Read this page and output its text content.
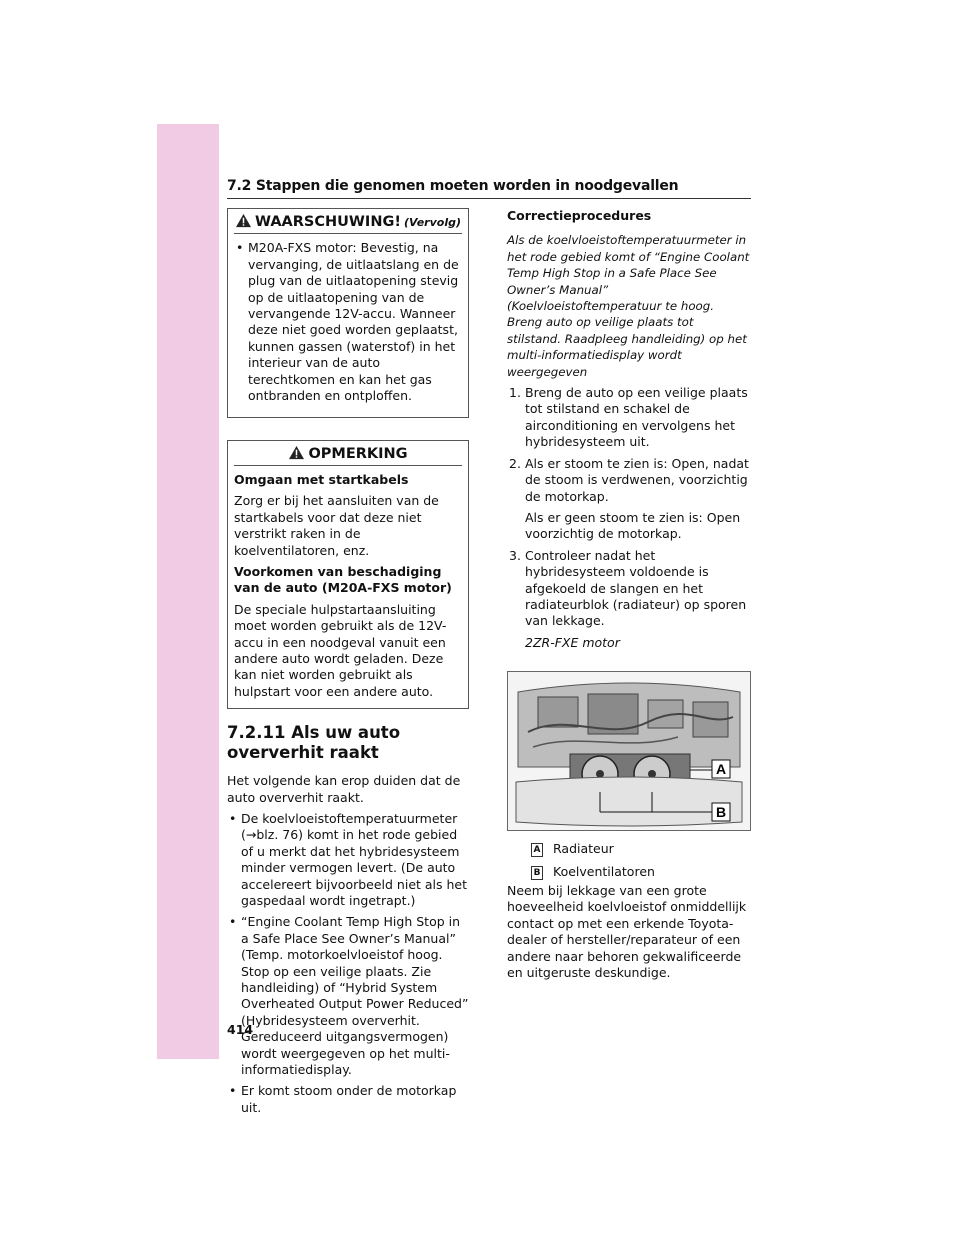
7.2 Stappen die genomen moeten worden in noodgevallen
WAARSCHUWING! (Vervolg)
• M20A-FXS motor: Bevestig, na vervanging, de uitlaatslang en de plug van de uitlaatopening stevig op de uitlaatopening van de vervangende 12V-accu. Wanneer deze niet goed worden geplaatst, kunnen gassen (waterstof) in het interieur van de auto terechtkomen en kan het gas ontbranden en ontploffen.
OPMERKING

Omgaan met startkabels

Zorg er bij het aansluiten van de startkabels voor dat deze niet verstrikt raken in de koelventilatoren, enz.

Voorkomen van beschadiging van de auto (M20A-FXS motor)

De speciale hulpstartaansluiting moet worden gebruikt als de 12V-accu in een noodgeval vanuit een andere auto wordt geladen. Deze kan niet worden gebruikt als hulpstart voor een andere auto.

7.2.11 Als uw auto oververhit raakt

Het volgende kan erop duiden dat de auto oververhit raakt.

• De koelvloeistoftemperatuurmeter (→blz. 76) komt in het rode gebied of u merkt dat het hybridesysteem minder vermogen levert. (De auto accelereert bijvoorbeeld niet als het gaspedaal wordt ingetrapt.)
• “Engine Coolant Temp High Stop in a Safe Place See Owner’s Manual” (Temp. motorkoelvloeistof hoog. Stop op een veilige plaats. Zie handleiding) of “Hybrid System Overheated Output Power Reduced” (Hybridesysteem oververhit. Gereduceerd uitgangsvermogen) wordt weergegeven op het multi-informatiedisplay.
• Er komt stoom onder de motorkap uit.

Correctieprocedures

Als de koelvloeistoftemperatuurmeter in het rode gebied komt of “Engine Coolant Temp High Stop in a Safe Place See Owner’s Manual” (Koelvloeistoftemperatuur te hoog. Breng auto op veilige plaats tot stilstand. Raadpleeg handleiding) op het multi-informatiedisplay wordt weergegeven

1. Breng de auto op een veilige plaats tot stilstand en schakel de airconditioning en vervolgens het hybridesysteem uit.
2. Als er stoom te zien is: Open, nadat de stoom is verdwenen, voorzichtig de motorkap.
Als er geen stoom te zien is: Open voorzichtig de motorkap.
3. Controleer nadat het hybridesysteem voldoende is afgekoeld de slangen en het radiateurblok (radiateur) op sporen van lekkage.
2ZR-FXE motor
A
B
A Radiateur
B Koelventilatoren

Neem bij lekkage van een grote hoeveelheid koelvloeistof onmiddellijk contact op met een erkende Toyota-dealer of hersteller/reparateur of een andere naar behoren gekwalificeerde en uitgeruste deskundige.

414
